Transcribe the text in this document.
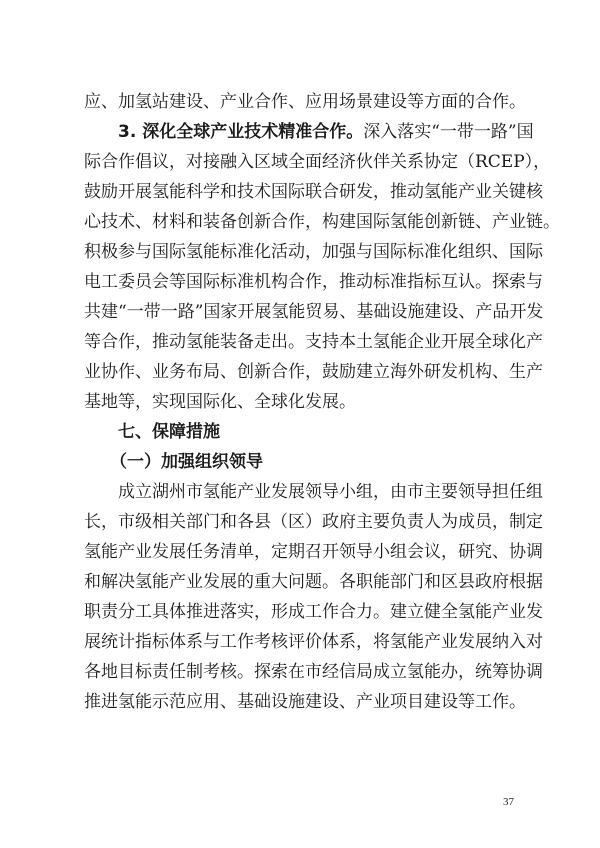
应、加氢站建设、产业合作、应用场景建设等方面的合作。
3. 深化全球产业技术精准合作。深入落实“一带一路”国
际合作倡议，对接融入区域全面经济伙伴关系协定（RCEP），
鼓励开展氢能科学和技术国际联合研发，推动氢能产业关键核
心技术、材料和装备创新合作，构建国际氢能创新链、产业链。
积极参与国际氢能标准化活动，加强与国际标准化组织、国际
电工委员会等国际标准机构合作，推动标准指标互认。探索与
共建“一带一路”国家开展氢能贸易、基础设施建设、产品开发
等合作，推动氢能装备走出。支持本土氢能企业开展全球化产
业协作、业务布局、创新合作，鼓励建立海外研发机构、生产
基地等，实现国际化、全球化发展。
七、保障措施
（一）加强组织领导
成立湖州市氢能产业发展领导小组，由市主要领导担任组
长，市级相关部门和各县（区）政府主要负责人为成员，制定
氢能产业发展任务清单，定期召开领导小组会议，研究、协调
和解决氢能产业发展的重大问题。各职能部门和区县政府根据
职责分工具体推进落实，形成工作合力。建立健全氢能产业发
展统计指标体系与工作考核评价体系，将氢能产业发展纳入对
各地目标责任制考核。探索在市经信局成立氢能办，统筹协调
推进氢能示范应用、基础设施建设、产业项目建设等工作。
37
